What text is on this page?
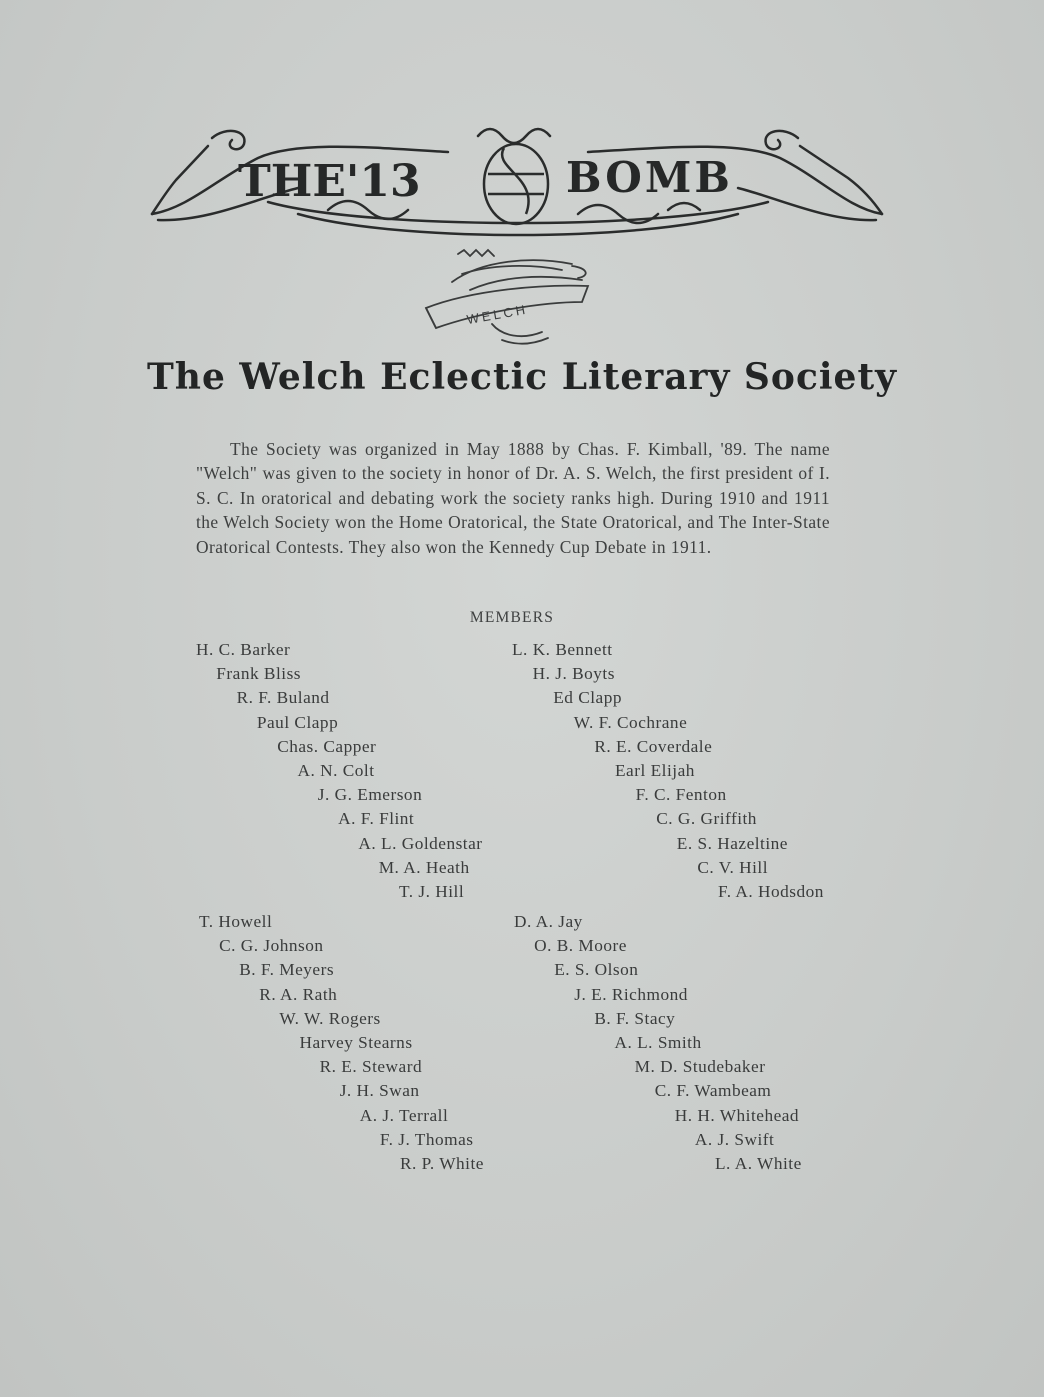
THE'13	BOMB
WELCH
The Welch Eclectic Literary Society

The Society was organized in May 1888 by Chas. F. Kimball, '89. The name "Welch" was given to the society in honor of Dr. A. S. Welch, the first president of I. S. C. In oratorical and debating work the society ranks high. During 1910 and 1911 the Welch Society won the Home Oratorical, the State Oratorical, and The Inter-State Oratorical Contests. They also won the Kennedy Cup Debate in 1911.

MEMBERS
H. C. Barker
Frank Bliss
R. F. Buland
Paul Clapp
Chas. Capper
A. N. Colt
J. G. Emerson
A. F. Flint
A. L. Goldenstar
M. A. Heath
T. J. Hill
L. K. Bennett
H. J. Boyts
Ed Clapp
W. F. Cochrane
R. E. Coverdale
Earl Elijah
F. C. Fenton
C. G. Griffith
E. S. Hazeltine
C. V. Hill
F. A. Hodsdon
T. Howell
C. G. Johnson
B. F. Meyers
R. A. Rath
W. W. Rogers
Harvey Stearns
R. E. Steward
J. H. Swan
A. J. Terrall
F. J. Thomas
R. P. White
D. A. Jay
O. B. Moore
E. S. Olson
J. E. Richmond
B. F. Stacy
A. L. Smith
M. D. Studebaker
C. F. Wambeam
H. H. Whitehead
A. J. Swift
L. A. White
